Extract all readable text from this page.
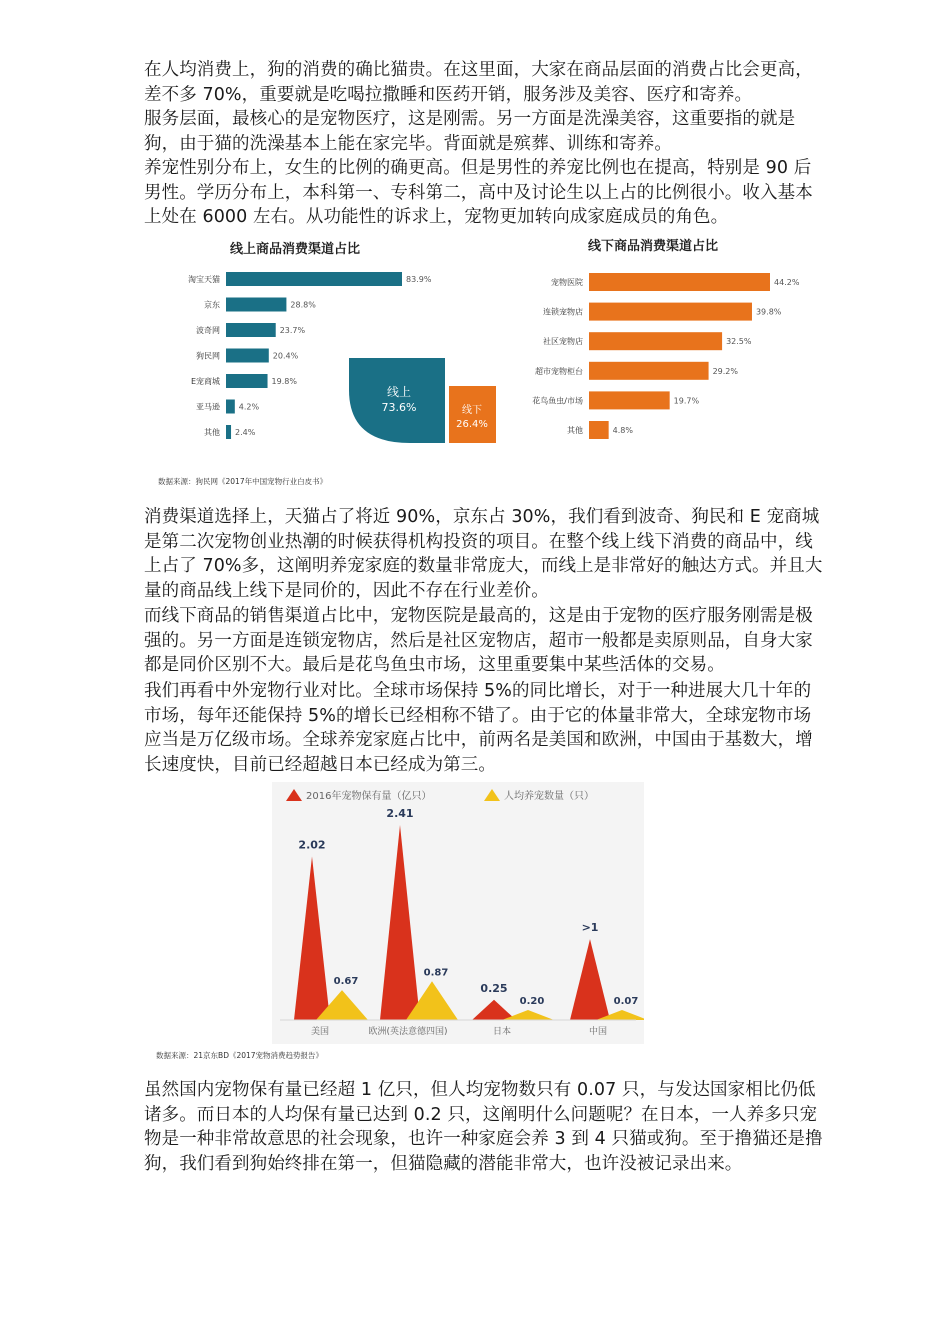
在人均消费上，狗的消费的确比猫贵。在这里面，大家在商品层面的消费占比会更高，差不多 70%，重要就是吃喝拉撒睡和医药开销，服务涉及美容、医疗和寄养。

服务层面，最核心的是宠物医疗，这是刚需。另一方面是洗澡美容，这重要指的就是狗，由于猫的洗澡基本上能在家完毕。背面就是殡葬、训练和寄养。

养宠性别分布上，女生的比例的确更高。但是男性的养宠比例也在提高，特别是 90 后男性。学历分布上，本科第一、专科第二，高中及讨论生以上占的比例很小。收入基本上处在 6000 左右。从功能性的诉求上，宠物更加转向成家庭成员的角色。

线上商品消费渠道占比	线下商品消费渠道占比
淘宝天猫	83.9%
京东	28.8%
波奇网	23.7%
狗民网	20.4%
E宠商城	19.8%
亚马逊 4.2%
其他 2.4%
线上
73.6%	线下
26.4%
宠物医院	44.2%
连锁宠物店	39.8%
社区宠物店	32.5%
超市宠物柜台	29.2%
花鸟鱼虫/市场	19.7%
其他	4.8%
数据来源：狗民网《2017年中国宠物行业白皮书》

消费渠道选择上，天猫占了将近 90%，京东占 30%，我们看到波奇、狗民和 E 宠商城是第二次宠物创业热潮的时候获得机构投资的项目。在整个线上线下消费的商品中，线上占了 70%多，这阐明养宠家庭的数量非常庞大，而线上是非常好的触达方式。并且大量的商品线上线下是同价的，因此不存在行业差价。

而线下商品的销售渠道占比中，宠物医院是最高的，这是由于宠物的医疗服务刚需是极强的。另一方面是连锁宠物店，然后是社区宠物店，超市一般都是卖原则品，自身大家都是同价区别不大。最后是花鸟鱼虫市场，这里重要集中某些活体的交易。

我们再看中外宠物行业对比。全球市场保持 5%的同比增长，对于一种进展大几十年的市场，每年还能保持 5%的增长已经相称不错了。由于它的体量非常大，全球宠物市场应当是万亿级市场。全球养宠家庭占比中，前两名是美国和欧洲，中国由于基数大，增长速度快，目前已经超越日本已经成为第三。

2016年宠物保有量（亿只）	人均养宠数量（只）
2.02
0.67
美国
2.41
0.87
欧洲(英法意德四国)
0.25
0.20
日本
>1
0.07
中国
数据来源：21京东BD《2017宠物消费趋势报告》

虽然国内宠物保有量已经超 1 亿只，但人均宠物数只有 0.07 只，与发达国家相比仍低诸多。而日本的人均保有量已达到 0.2 只，这阐明什么问题呢？在日本，一人养多只宠物是一种非常故意思的社会现象，也许一种家庭会养 3 到 4 只猫或狗。至于撸猫还是撸狗，我们看到狗始终排在第一，但猫隐藏的潜能非常大，也许没被记录出来。
